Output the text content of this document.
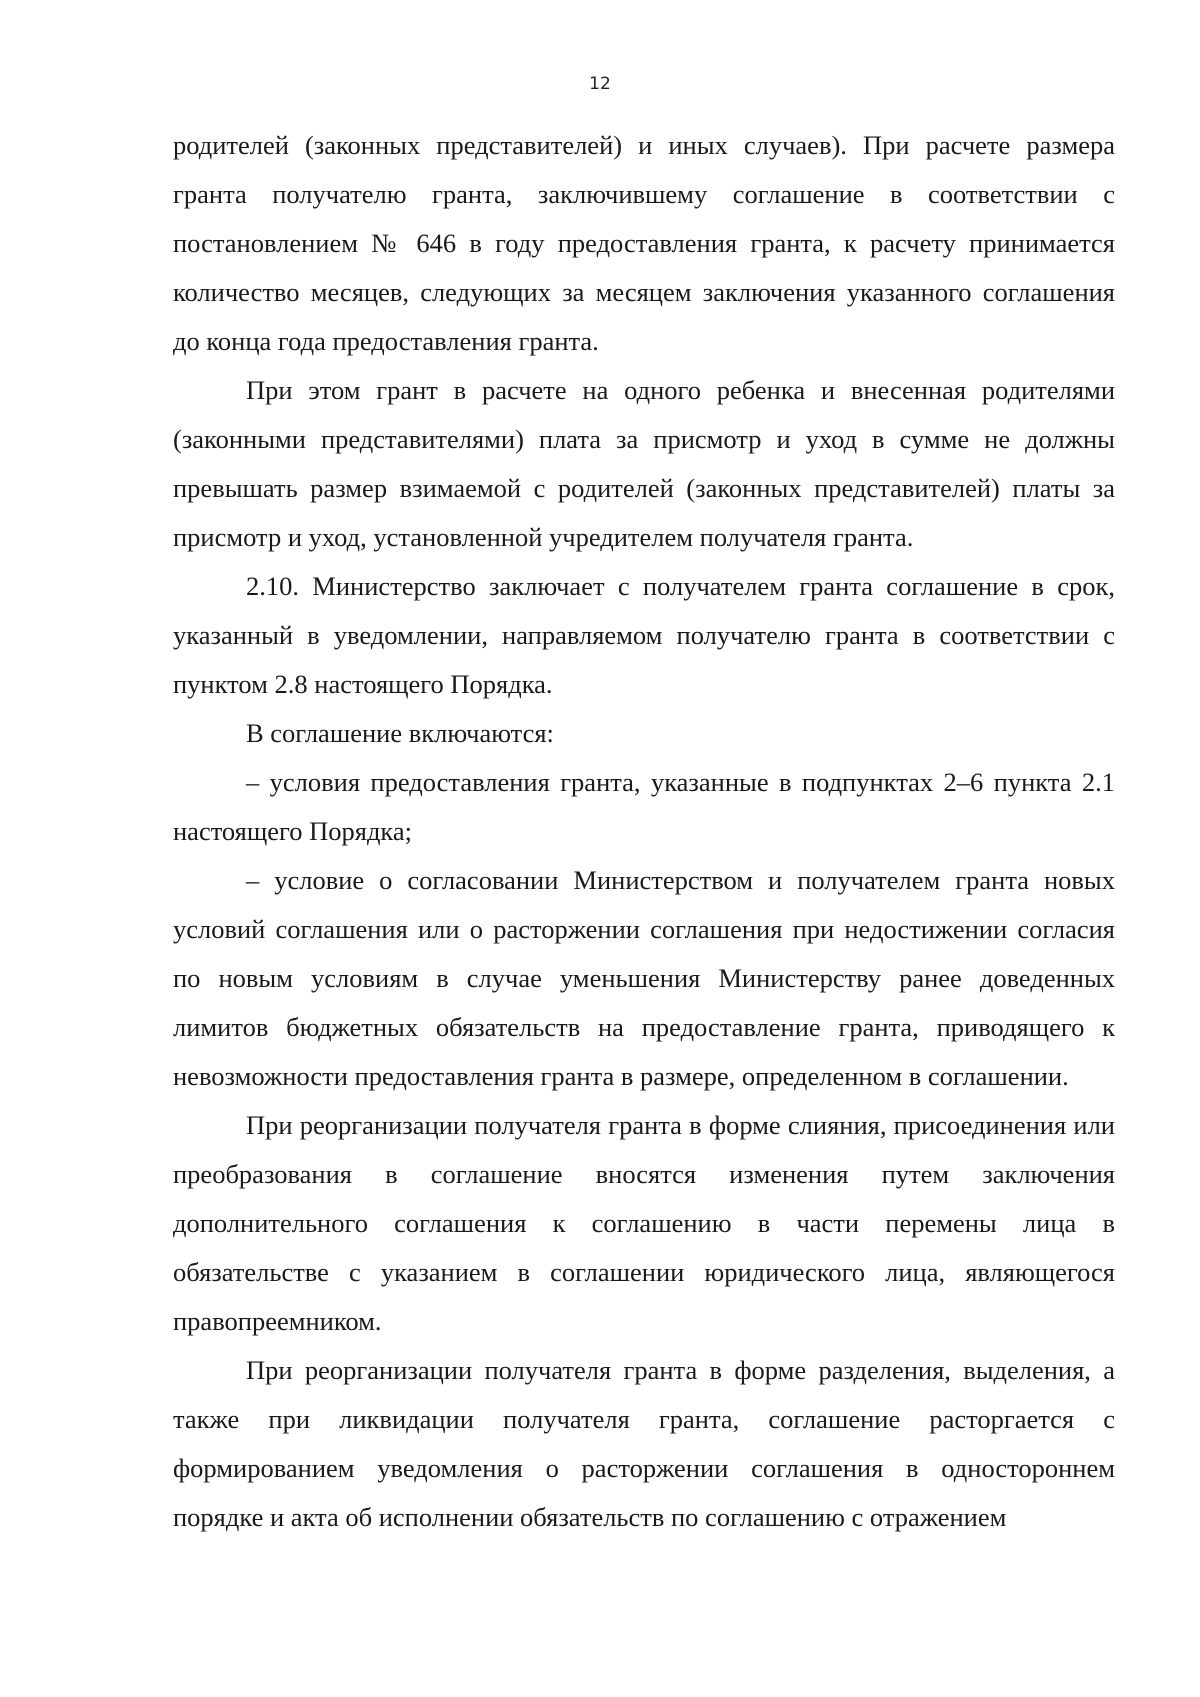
12

родителей (законных представителей) и иных случаев). При расчете размера гранта получателю гранта, заключившему соглашение в соответствии с постановлением № 646 в году предоставления гранта, к расчету принимается количество месяцев, следующих за месяцем заключения указанного соглашения до конца года предоставления гранта.

При этом грант в расчете на одного ребенка и внесенная родителями (законными представителями) плата за присмотр и уход в сумме не должны превышать размер взимаемой с родителей (законных представителей) платы за присмотр и уход, установленной учредителем получателя гранта.

2.10. Министерство заключает с получателем гранта соглашение в срок, указанный в уведомлении, направляемом получателю гранта в соответствии с пунктом 2.8 настоящего Порядка.

В соглашение включаются:

– условия предоставления гранта, указанные в подпунктах 2–6 пункта 2.1 настоящего Порядка;

– условие о согласовании Министерством и получателем гранта новых условий соглашения или о расторжении соглашения при недостижении согласия по новым условиям в случае уменьшения Министерству ранее доведенных лимитов бюджетных обязательств на предоставление гранта, приводящего к невозможности предоставления гранта в размере, определенном в соглашении.

При реорганизации получателя гранта в форме слияния, присоединения или преобразования в соглашение вносятся изменения путем заключения дополнительного соглашения к соглашению в части перемены лица в обязательстве с указанием в соглашении юридического лица, являющегося правопреемником.

При реорганизации получателя гранта в форме разделения, выделения, а также при ликвидации получателя гранта, соглашение расторгается с формированием уведомления о расторжении соглашения в одностороннем порядке и акта об исполнении обязательств по соглашению с отражением
